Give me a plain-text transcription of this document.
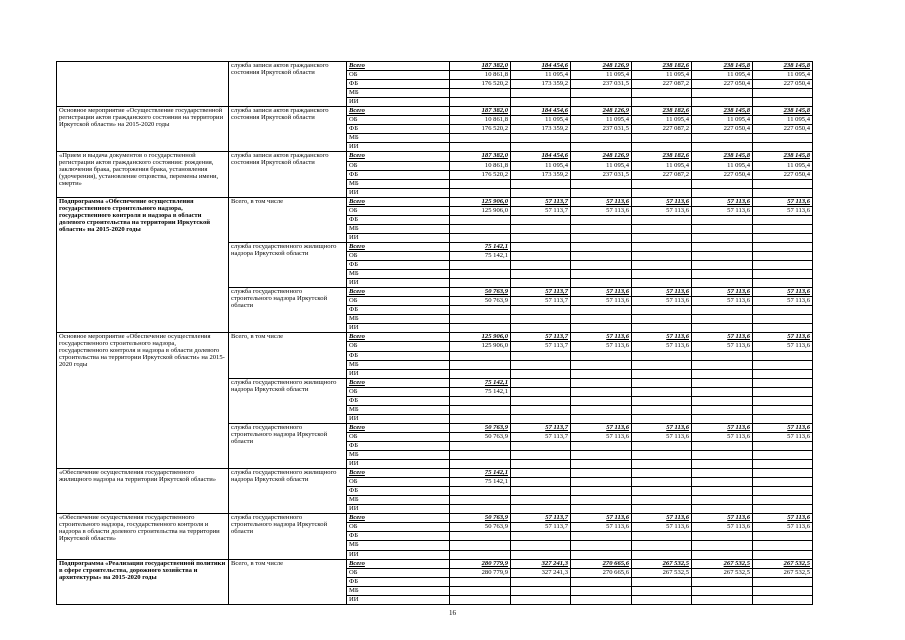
	служба записи актов гражданского состояния Иркутской области	Всего	187 382,0	184 454,6	248 126,9	238 182,6	238 145,8	238 145,8
		ОБ	10 861,8	11 095,4	11 095,4	11 095,4	11 095,4	11 095,4
		ФБ	176 520,2	173 359,2	237 031,5	227 087,2	227 050,4	227 050,4
		МБ						
		ИИ						
Основное мероприятие «Осуществление государственной регистрации актов гражданского состояния на территории Иркутской области» на 2015-2020 годы	служба записи актов гражданского состояния Иркутской области	Всего	187 382,0	184 454,6	248 126,9	238 182,6	238 145,8	238 145,8
		ОБ	10 861,8	11 095,4	11 095,4	11 095,4	11 095,4	11 095,4
		ФБ	176 520,2	173 359,2	237 031,5	227 087,2	227 050,4	227 050,4
		МБ						
		ИИ						
«Прием и выдача документов о государственной регистрации актов гражданского состояния: рождения, заключения брака, расторжения брака, установления (удочерения), установление отцовства, перемены имени, смерти»	служба записи актов гражданского состояния Иркутской области	Всего	187 382,0	184 454,6	248 126,9	238 182,6	238 145,8	238 145,8
		ОБ	10 861,8	11 095,4	11 095,4	11 095,4	11 095,4	11 095,4
		ФБ	176 520,2	173 359,2	237 031,5	227 087,2	227 050,4	227 050,4
		МБ						
		ИИ						
Подпрограмма «Обеспечение осуществления государственного строительного надзора, государственного контроля и надзора в области долевого строительства на территории Иркутской области» на 2015-2020 годы	Всего, в том числе	Всего	125 906,0	57 113,7	57 113,6	57 113,6	57 113,6	57 113,6
		ОБ	125 906,0	57 113,7	57 113,6	57 113,6	57 113,6	57 113,6
		ФБ						
		МБ						
		ИИ						
	служба государственного жилищного надзора Иркутской области	Всего	75 142,1					
		ОБ	75 142,1					
		ФБ						
		МБ						
		ИИ						
	служба государственного строительного надзора Иркутской области	Всего	50 763,9	57 113,7	57 113,6	57 113,6	57 113,6	57 113,6
		ОБ	50 763,9	57 113,7	57 113,6	57 113,6	57 113,6	57 113,6
		ФБ						
		МБ						
		ИИ						
Основное мероприятие «Обеспечение осуществления государственного строительного надзора, государственного контроля и надзора в области долевого строительства на территории Иркутской области» на 2015-2020 годы	Всего, в том числе	Всего	125 906,0	57 113,7	57 113,6	57 113,6	57 113,6	57 113,6
		ОБ	125 906,0	57 113,7	57 113,6	57 113,6	57 113,6	57 113,6
		ФБ						
		МБ						
		ИИ						
	служба государственного жилищного надзора Иркутской области	Всего	75 142,1					
		ОБ	75 142,1					
		ФБ						
		МБ						
		ИИ						
	служба государственного строительного надзора Иркутской области	Всего	50 763,9	57 113,7	57 113,6	57 113,6	57 113,6	57 113,6
		ОБ	50 763,9	57 113,7	57 113,6	57 113,6	57 113,6	57 113,6
		ФБ						
		МБ						
		ИИ						
«Обеспечение осуществления государственного жилищного надзора на территории Иркутской области»	служба государственного жилищного надзора Иркутской области	Всего	75 142,1					
		ОБ	75 142,1					
		ФБ						
		МБ						
		ИИ						
«Обеспечение осуществления государственного строительного надзора, государственного контроля и надзора в области долевого строительства на территории Иркутской области»	служба государственного строительного надзора Иркутской области	Всего	50 763,9	57 113,7	57 113,6	57 113,6	57 113,6	57 113,6
		ОБ	50 763,9	57 113,7	57 113,6	57 113,6	57 113,6	57 113,6
		ФБ						
		МБ						
		ИИ						
Подпрограмма «Реализация государственной политики в сфере строительства, дорожного хозяйства и архитектуры» на 2015-2020 годы	Всего, в том числе	Всего	280 779,9	327 241,3	270 665,6	267 532,5	267 532,5	267 532,5
		ОБ	280 779,9	327 241,3	270 665,6	267 532,5	267 532,5	267 532,5
		ФБ						
		МБ						
		ИИ						
16
